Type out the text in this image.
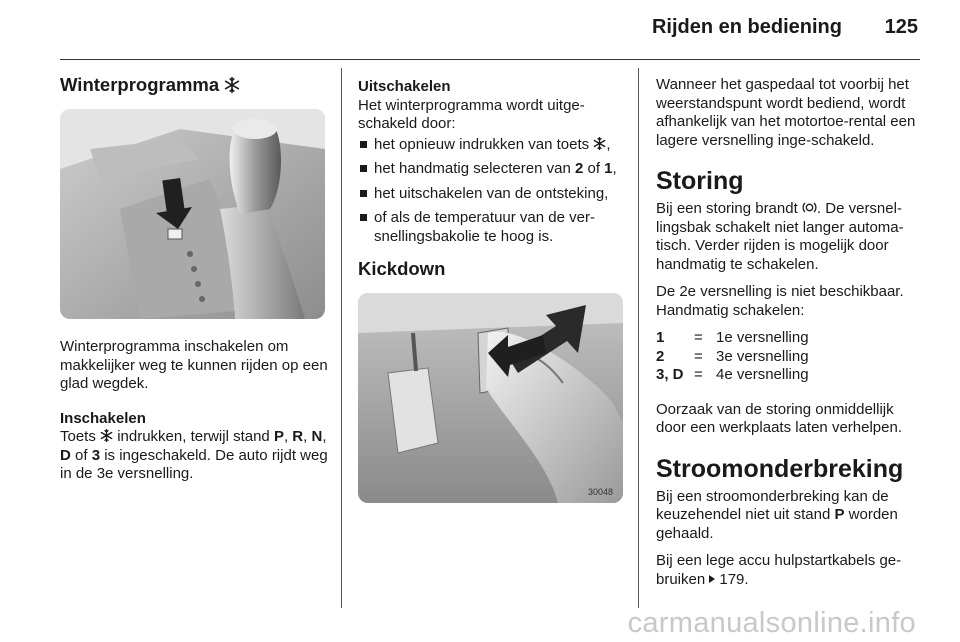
Rijden en bediening 125
Winterprogramma

Winterprogramma inschakelen om makkelijker weg te kunnen rijden op een glad wegdek.

Inschakelen

Toets  indrukken, terwijl stand P, R, N, D of 3 is ingeschakeld. De auto rijdt weg in de 3e versnelling.

Uitschakelen

Het winterprogramma wordt uitge-schakeld door:

het opnieuw indrukken van toets ,
het handmatig selecteren van 2 of 1,
het uitschakelen van de ontsteking,
of als de temperatuur van de ver-snellingsbakolie te hoog is.
Kickdown
30048

Wanneer het gaspedaal tot voorbij het weerstandspunt wordt bediend, wordt afhankelijk van het motortoe-rental een lagere versnelling inge-schakeld.

Storing

Bij een storing brandt . De versnel-lingsbak schakelt niet langer automa-tisch. Verder rijden is mogelijk door handmatig te schakelen.

De 2e versnelling is niet beschikbaar. Handmatig schakelen:

1	=	1e versnelling
2	=	3e versnelling
3, D	=	4e versnelling

Oorzaak van de storing onmiddellijk door een werkplaats laten verhelpen.

Stroomonderbreking

Bij een stroomonderbreking kan de keuzehendel niet uit stand P worden gehaald.

Bij een lege accu hulpstartkabels ge-bruiken 179.

carmanualsonline.info
